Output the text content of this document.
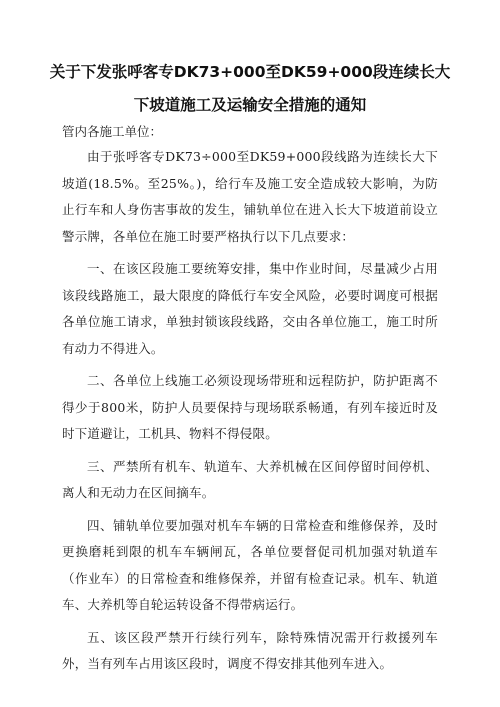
关于下发张呼客专DK73+000至DK59+000段连续长大
下坡道施工及运输安全措施的通知
管内各施工单位：

由于张呼客专DK73÷000至DK59+000段线路为连续长大下坡道(18.5%。至25%。)，给行车及施工安全造成较大影响，为防止行车和人身伤害事故的发生，铺轨单位在进入长大下坡道前设立警示牌，各单位在施工时要严格执行以下几点要求：

一、在该区段施工要统筹安排，集中作业时间，尽量减少占用该段线路施工，最大限度的降低行车安全风险，必要时调度可根据各单位施工请求，单独封锁该段线路，交由各单位施工，施工时所有动力不得进入。

二、各单位上线施工必须设现场带班和远程防护，防护距离不得少于800米，防护人员要保持与现场联系畅通，有列车接近时及时下道避让，工机具、物料不得侵限。

三、严禁所有机车、轨道车、大养机械在区间停留时间停机、离人和无动力在区间摘车。

四、铺轨单位要加强对机车车辆的日常检查和维修保养，及时更换磨耗到限的机车车辆闸瓦，各单位要督促司机加强对轨道车（作业车）的日常检查和维修保养，并留有检查记录。机车、轨道车、大养机等自轮运转设备不得带病运行。

五、该区段严禁开行续行列车，除特殊情况需开行救援列车外，当有列车占用该区段时，调度不得安排其他列车进入。
